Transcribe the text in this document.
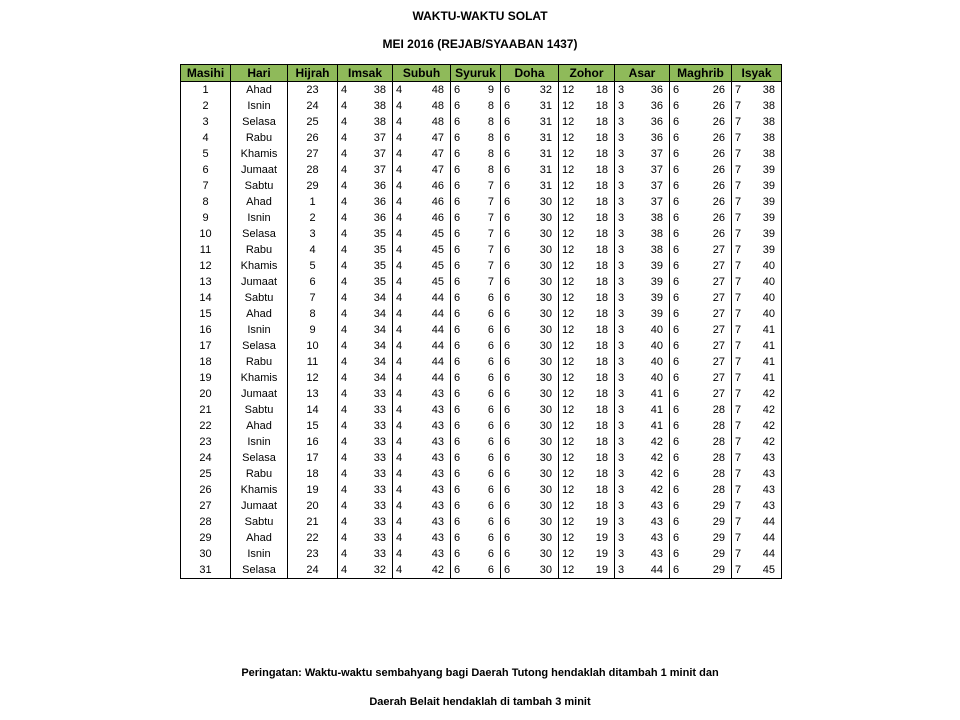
WAKTU-WAKTU SOLAT
MEI 2016 (REJAB/SYAABAN 1437)
Masihi	Hari	Hijrah	Imsak		Subuh		Syuruk		Doha		Zohor		Asar		Maghrib		Isyak	
1	Ahad	23	4	38	4	48	6	9	6	32	12	18	3	36	6	26	7	38
2	Isnin	24	4	38	4	48	6	8	6	31	12	18	3	36	6	26	7	38
3	Selasa	25	4	38	4	48	6	8	6	31	12	18	3	36	6	26	7	38
4	Rabu	26	4	37	4	47	6	8	6	31	12	18	3	36	6	26	7	38
5	Khamis	27	4	37	4	47	6	8	6	31	12	18	3	37	6	26	7	38
6	Jumaat	28	4	37	4	47	6	8	6	31	12	18	3	37	6	26	7	39
7	Sabtu	29	4	36	4	46	6	7	6	31	12	18	3	37	6	26	7	39
8	Ahad	1	4	36	4	46	6	7	6	30	12	18	3	37	6	26	7	39
9	Isnin	2	4	36	4	46	6	7	6	30	12	18	3	38	6	26	7	39
10	Selasa	3	4	35	4	45	6	7	6	30	12	18	3	38	6	26	7	39
11	Rabu	4	4	35	4	45	6	7	6	30	12	18	3	38	6	27	7	39
12	Khamis	5	4	35	4	45	6	7	6	30	12	18	3	39	6	27	7	40
13	Jumaat	6	4	35	4	45	6	7	6	30	12	18	3	39	6	27	7	40
14	Sabtu	7	4	34	4	44	6	6	6	30	12	18	3	39	6	27	7	40
15	Ahad	8	4	34	4	44	6	6	6	30	12	18	3	39	6	27	7	40
16	Isnin	9	4	34	4	44	6	6	6	30	12	18	3	40	6	27	7	41
17	Selasa	10	4	34	4	44	6	6	6	30	12	18	3	40	6	27	7	41
18	Rabu	11	4	34	4	44	6	6	6	30	12	18	3	40	6	27	7	41
19	Khamis	12	4	34	4	44	6	6	6	30	12	18	3	40	6	27	7	41
20	Jumaat	13	4	33	4	43	6	6	6	30	12	18	3	41	6	27	7	42
21	Sabtu	14	4	33	4	43	6	6	6	30	12	18	3	41	6	28	7	42
22	Ahad	15	4	33	4	43	6	6	6	30	12	18	3	41	6	28	7	42
23	Isnin	16	4	33	4	43	6	6	6	30	12	18	3	42	6	28	7	42
24	Selasa	17	4	33	4	43	6	6	6	30	12	18	3	42	6	28	7	43
25	Rabu	18	4	33	4	43	6	6	6	30	12	18	3	42	6	28	7	43
26	Khamis	19	4	33	4	43	6	6	6	30	12	18	3	42	6	28	7	43
27	Jumaat	20	4	33	4	43	6	6	6	30	12	18	3	43	6	29	7	43
28	Sabtu	21	4	33	4	43	6	6	6	30	12	19	3	43	6	29	7	44
29	Ahad	22	4	33	4	43	6	6	6	30	12	19	3	43	6	29	7	44
30	Isnin	23	4	33	4	43	6	6	6	30	12	19	3	43	6	29	7	44
31	Selasa	24	4	32	4	42	6	6	6	30	12	19	3	44	6	29	7	45
Peringatan: Waktu-waktu sembahyang bagi Daerah Tutong hendaklah ditambah 1 minit dan
Daerah Belait hendaklah di tambah 3 minit
